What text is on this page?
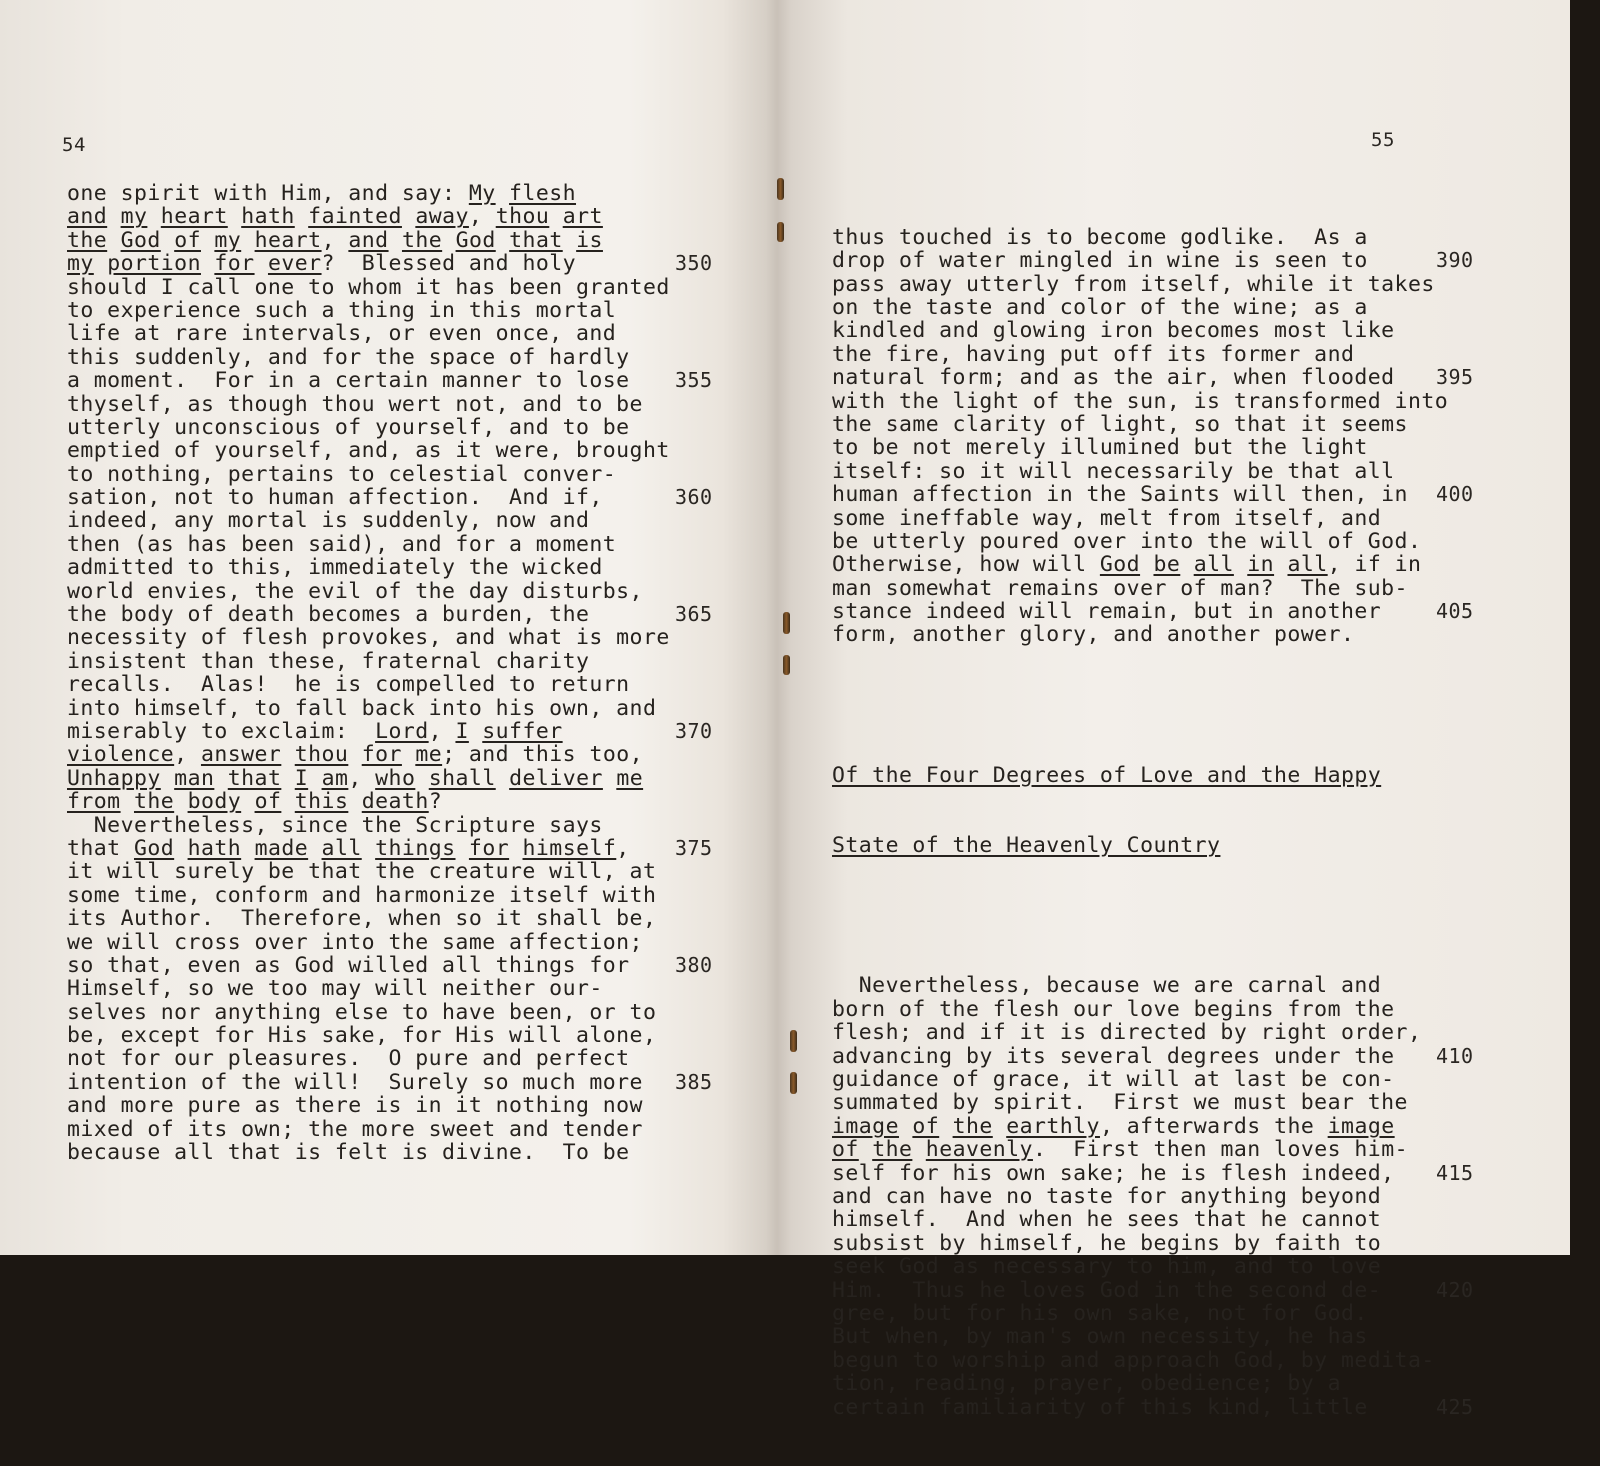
54
one spirit with Him, and say: My flesh
and my heart hath fainted away, thou art
the God of my heart, and the God that is
my portion for ever?  Blessed and holy	350
should I call one to whom it has been granted
to experience such a thing in this mortal
life at rare intervals, or even once, and
this suddenly, and for the space of hardly
a moment.  For in a certain manner to lose 355
thyself, as though thou wert not, and to be
utterly unconscious of yourself, and to be
emptied of yourself, and, as it were, brought
to nothing, pertains to celestial conver-
sation, not to human affection.  And if,	360
indeed, any mortal is suddenly, now and
then (as has been said), and for a moment
admitted to this, immediately the wicked
world envies, the evil of the day disturbs,
the body of death becomes a burden, the	365
necessity of flesh provokes, and what is more
insistent than these, fraternal charity
recalls.  Alas!  he is compelled to return
into himself, to fall back into his own, and
miserably to exclaim:  Lord, I suffer	370
violence, answer thou for me; and this too,
Unhappy man that I am, who shall deliver me
from the body of this death?
Nevertheless, since the Scripture says
that God hath made all things for himself, 375
it will surely be that the creature will, at
some time, conform and harmonize itself with
its Author.  Therefore, when so it shall be,
we will cross over into the same affection;
so that, even as God willed all things for 380
Himself, so we too may will neither our-
selves nor anything else to have been, or to
be, except for His sake, for His will alone,
not for our pleasures.  O pure and perfect
intention of the will!  Surely so much more 385
and more pure as there is in it nothing now
mixed of its own; the more sweet and tender
because all that is felt is divine.  To be
55

thus touched is to become godlike.  As a
drop of water mingled in wine is seen to	390
pass away utterly from itself, while it takes
on the taste and color of the wine; as a
kindled and glowing iron becomes most like
the fire, having put off its former and
natural form; and as the air, when flooded 395
with the light of the sun, is transformed into
the same clarity of light, so that it seems
to be not merely illumined but the light
itself: so it will necessarily be that all
human affection in the Saints will then, in 400
some ineffable way, melt from itself, and
be utterly poured over into the will of God.
Otherwise, how will God be all in all, if in
man somewhat remains over of man?  The sub-
stance indeed will remain, but in another	405
form, another glory, and another power.

Of the Four Degrees of Love and the Happy

State of the Heavenly Country

Nevertheless, because we are carnal and
born of the flesh our love begins from the
flesh; and if it is directed by right order,
advancing by its several degrees under the 410
guidance of grace, it will at last be con-
summated by spirit.  First we must bear the
image of the earthly, afterwards the image
of the heavenly.  First then man loves him-
self for his own sake; he is flesh indeed, 415
and can have no taste for anything beyond
himself.  And when he sees that he cannot
subsist by himself, he begins by faith to
seek God as necessary to him, and to love
Him.  Thus he loves God in the second de-	420
gree, but for his own sake, not for God.
But when, by man's own necessity, he has
begun to worship and approach God, by medita-
tion, reading, prayer, obedience; by a
certain familiarity of this kind, little	425
